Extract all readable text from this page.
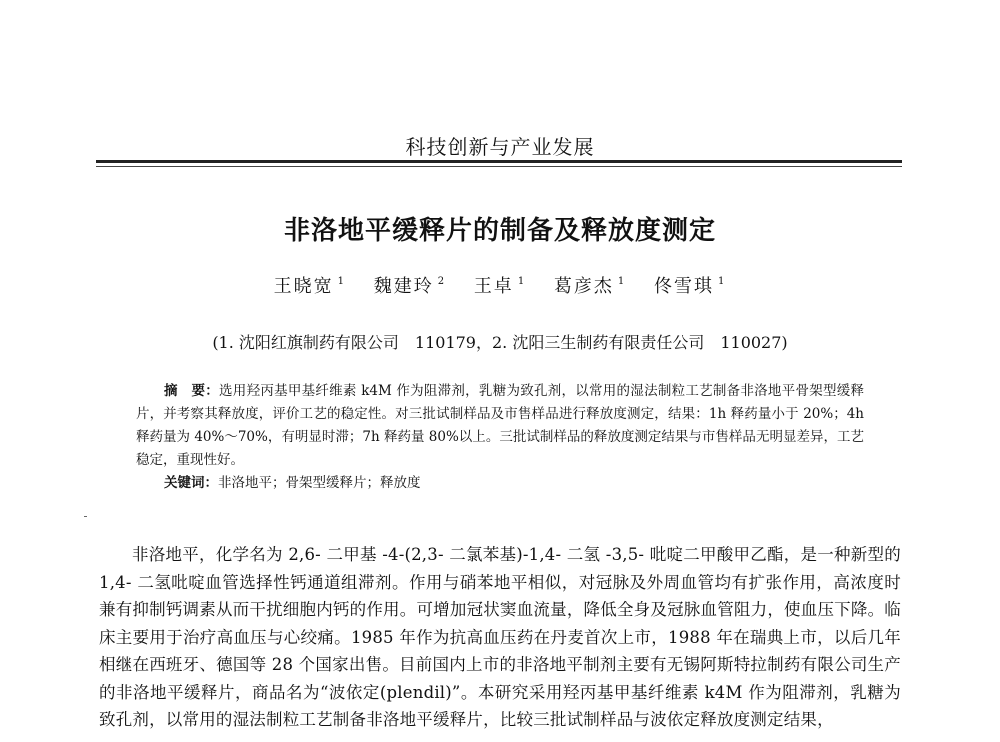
科技创新与产业发展
非洛地平缓释片的制备及释放度测定
王晓宽 $^1$ 魏建玲 $^2$ 王卓 $^1$ 葛彦杰 $^1$ 佟雪琪 $^1$
(1. 沈阳红旗制药有限公司　110179，2. 沈阳三生制药有限责任公司　110027)

摘　要：选用羟丙基甲基纤维素 k4M 作为阻滞剂，乳糖为致孔剂，以常用的湿法制粒工艺制备非洛地平骨架型缓释片，并考察其释放度，评价工艺的稳定性。对三批试制样品及市售样品进行释放度测定，结果：1h 释药量小于 20%；4h 释药量为 40%～70%，有明显时滞；7h 释药量 80%以上。三批试制样品的释放度测定结果与市售样品无明显差异，工艺稳定，重现性好。

关键词：非洛地平；骨架型缓释片；释放度

非洛地平，化学名为 2,6- 二甲基 -4-(2,3- 二氯苯基)-1,4- 二氢 -3,5- 吡啶二甲酸甲乙酯，是一种新型的 1,4- 二氢吡啶血管选择性钙通道组滞剂。作用与硝苯地平相似，对冠脉及外周血管均有扩张作用，高浓度时兼有抑制钙调素从而干扰细胞内钙的作用。可增加冠状窦血流量，降低全身及冠脉血管阻力，使血压下降。临床主要用于治疗高血压与心绞痛。1985 年作为抗高血压药在丹麦首次上市，1988 年在瑞典上市，以后几年相继在西班牙、德国等 28 个国家出售。目前国内上市的非洛地平制剂主要有无锡阿斯特拉制药有限公司生产的非洛地平缓释片，商品名为“波依定(plendil)”。本研究采用羟丙基甲基纤维素 k4M 作为阻滞剂，乳糖为致孔剂，以常用的湿法制粒工艺制备非洛地平缓释片，比较三批试制样品与波依定释放度测定结果，
